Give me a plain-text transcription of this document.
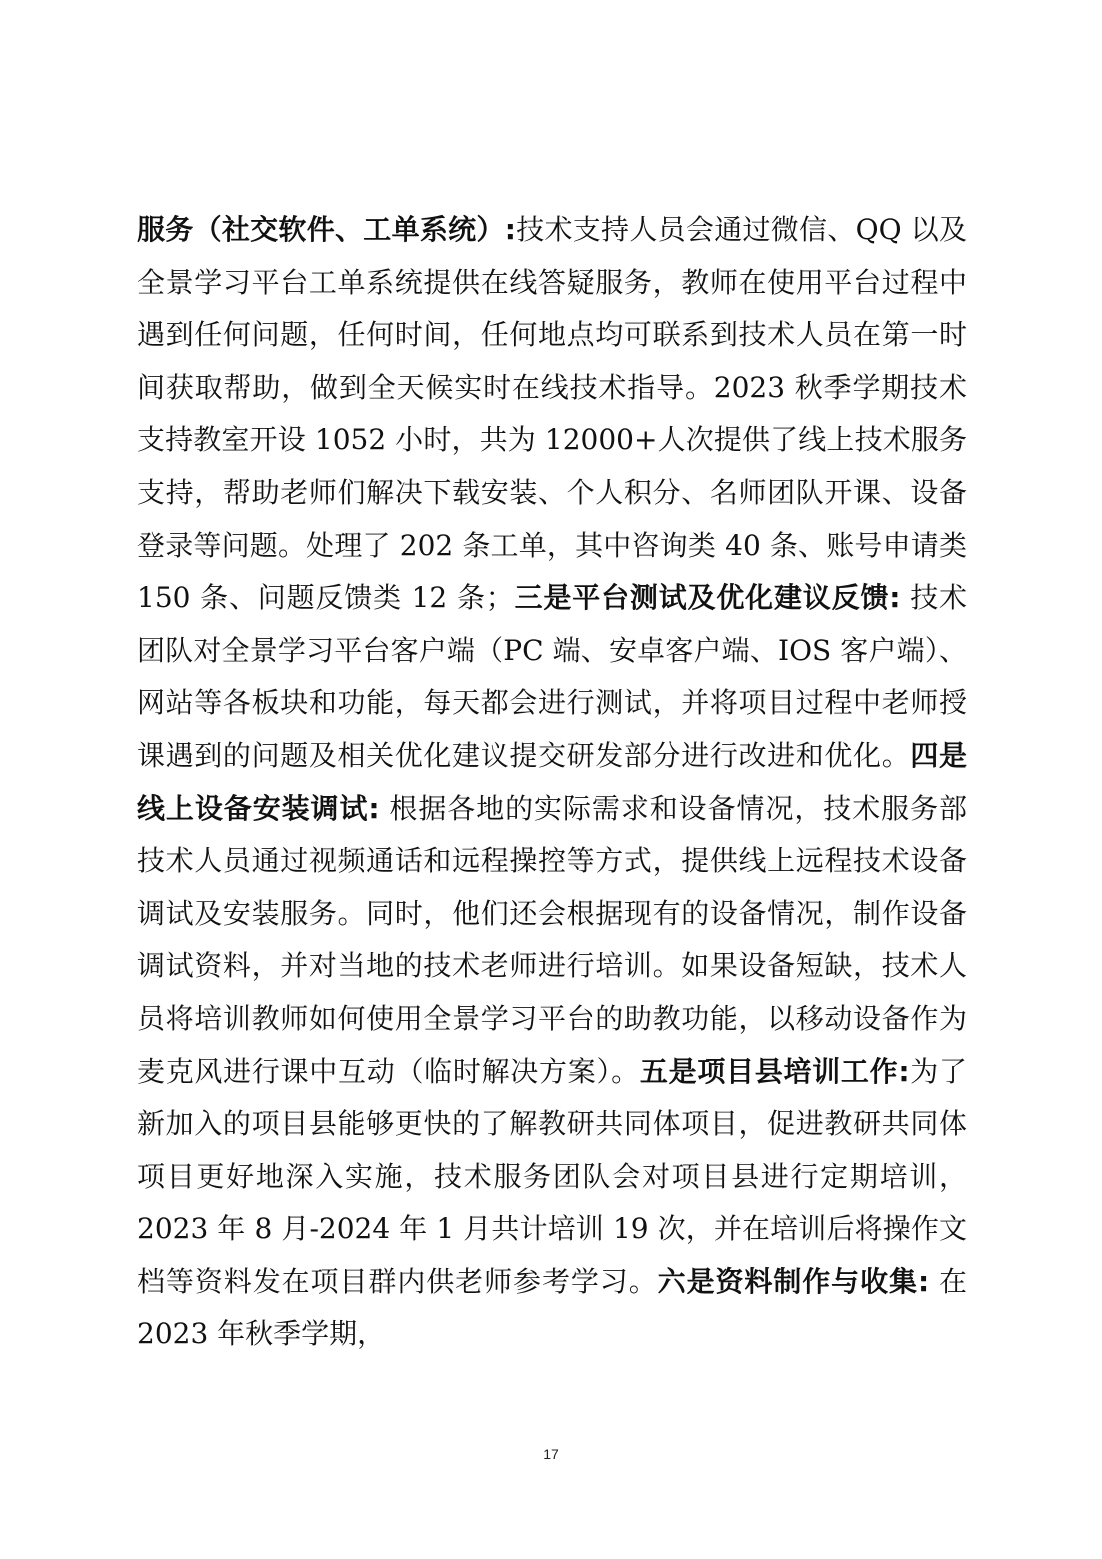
服务（社交软件、工单系统）:技术支持人员会通过微信、QQ 以及全景学习平台工单系统提供在线答疑服务，教师在使用平台过程中遇到任何问题，任何时间，任何地点均可联系到技术人员在第一时间获取帮助，做到全天候实时在线技术指导。2023 秋季学期技术支持教室开设 1052 小时，共为 12000+人次提供了线上技术服务支持，帮助老师们解决下载安装、个人积分、名师团队开课、设备登录等问题。处理了 202 条工单，其中咨询类 40 条、账号申请类 150 条、问题反馈类 12 条；三是平台测试及优化建议反馈: 技术团队对全景学习平台客户端（PC 端、安卓客户端、IOS 客户端）、网站等各板块和功能，每天都会进行测试，并将项目过程中老师授课遇到的问题及相关优化建议提交研发部分进行改进和优化。四是线上设备安装调试: 根据各地的实际需求和设备情况，技术服务部技术人员通过视频通话和远程操控等方式，提供线上远程技术设备调试及安装服务。同时，他们还会根据现有的设备情况，制作设备调试资料，并对当地的技术老师进行培训。如果设备短缺，技术人员将培训教师如何使用全景学习平台的助教功能，以移动设备作为麦克风进行课中互动（临时解决方案）。五是项目县培训工作:为了新加入的项目县能够更快的了解教研共同体项目，促进教研共同体项目更好地深入实施，技术服务团队会对项目县进行定期培训，2023 年 8 月-2024 年 1 月共计培训 19 次，并在培训后将操作文档等资料发在项目群内供老师参考学习。六是资料制作与收集: 在 2023 年秋季学期，

17
